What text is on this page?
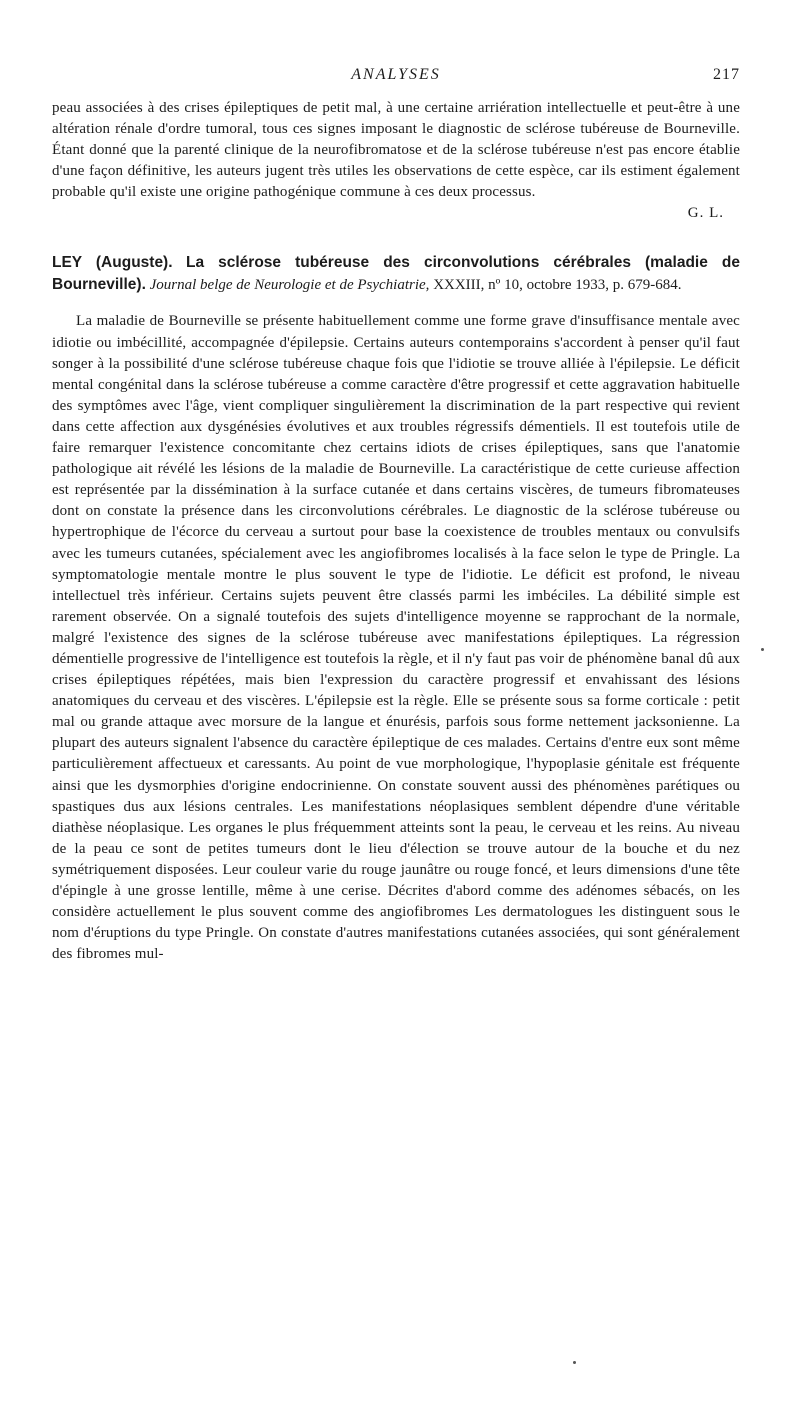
ANALYSES	217

peau associées à des crises épileptiques de petit mal, à une certaine arriération intellectuelle et peut-être à une altération rénale d'ordre tumoral, tous ces signes imposant le diagnostic de sclérose tubéreuse de Bourneville. Étant donné que la parenté clinique de la neurofibromatose et de la sclérose tubéreuse n'est pas encore établie d'une façon définitive, les auteurs jugent très utiles les observations de cette espèce, car ils estiment également probable qu'il existe une origine pathogénique commune à ces deux processus.

G. L.

LEY (Auguste). La sclérose tubéreuse des circonvolutions cérébrales (maladie de Bourneville). Journal belge de Neurologie et de Psychiatrie, XXXIII, nº 10, octobre 1933, p. 679-684.

La maladie de Bourneville se présente habituellement comme une forme grave d'insuffisance mentale avec idiotie ou imbécillité, accompagnée d'épilepsie. Certains auteurs contemporains s'accordent à penser qu'il faut songer à la possibilité d'une sclérose tubéreuse chaque fois que l'idiotie se trouve alliée à l'épilepsie. Le déficit mental congénital dans la sclérose tubéreuse a comme caractère d'être progressif et cette aggravation habituelle des symptômes avec l'âge, vient compliquer singulièrement la discrimination de la part respective qui revient dans cette affection aux dysgénésies évolutives et aux troubles régressifs démentiels. Il est toutefois utile de faire remarquer l'existence concomitante chez certains idiots de crises épileptiques, sans que l'anatomie pathologique ait révélé les lésions de la maladie de Bourneville. La caractéristique de cette curieuse affection est représentée par la dissémination à la surface cutanée et dans certains viscères, de tumeurs fibromateuses dont on constate la présence dans les circonvolutions cérébrales. Le diagnostic de la sclérose tubéreuse ou hypertrophique de l'écorce du cerveau a surtout pour base la coexistence de troubles mentaux ou convulsifs avec les tumeurs cutanées, spécialement avec les angiofibromes localisés à la face selon le type de Pringle. La symptomatologie mentale montre le plus souvent le type de l'idiotie. Le déficit est profond, le niveau intellectuel très inférieur. Certains sujets peuvent être classés parmi les imbéciles. La débilité simple est rarement observée. On a signalé toutefois des sujets d'intelligence moyenne se rapprochant de la normale, malgré l'existence des signes de la sclérose tubéreuse avec manifestations épileptiques. La régression démentielle progressive de l'intelligence est toutefois la règle, et il n'y faut pas voir de phénomène banal dû aux crises épileptiques répétées, mais bien l'expression du caractère progressif et envahissant des lésions anatomiques du cerveau et des viscères. L'épilepsie est la règle. Elle se présente sous sa forme corticale : petit mal ou grande attaque avec morsure de la langue et énurésis, parfois sous forme nettement jacksonienne. La plupart des auteurs signalent l'absence du caractère épileptique de ces malades. Certains d'entre eux sont même particulièrement affectueux et caressants. Au point de vue morphologique, l'hypoplasie génitale est fréquente ainsi que les dysmorphies d'origine endocrinienne. On constate souvent aussi des phénomènes parétiques ou spastiques dus aux lésions centrales. Les manifestations néoplasiques semblent dépendre d'une véritable diathèse néoplasique. Les organes le plus fréquemment atteints sont la peau, le cerveau et les reins. Au niveau de la peau ce sont de petites tumeurs dont le lieu d'élection se trouve autour de la bouche et du nez symétriquement disposées. Leur couleur varie du rouge jaunâtre ou rouge foncé, et leurs dimensions d'une tête d'épingle à une grosse lentille, même à une cerise. Décrites d'abord comme des adénomes sébacés, on les considère actuellement le plus souvent comme des angiofibromes Les dermatologues les distinguent sous le nom d'éruptions du type Pringle. On constate d'autres manifestations cutanées associées, qui sont généralement des fibromes mul-
